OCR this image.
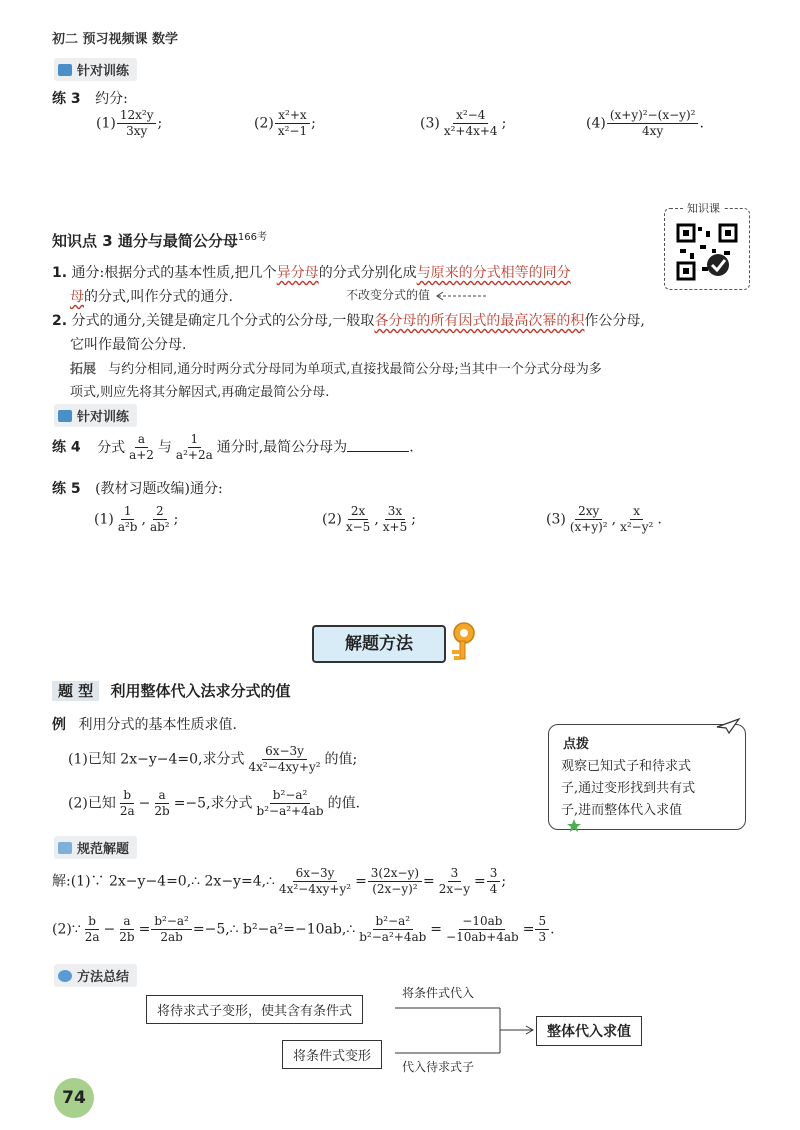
初二 预习视频课 数学
针对训练
练 3 约分:
$(1) \frac{\text{12x²y}}{3xy}$ ;	$(2) \frac{\text{x²+x}}{\text{x²−1}}$ ;	$(3) \frac{\text{x²−4}}{\text{x²+4x+4}}$ ;	$(4) \frac{\text{(x+y)²−(x−y)²}}{4xy}$ .
知识点 3 通分与最简公分母$^{166考}$
知识课
1. 通分:根据分式的基本性质,把几个异分母的分式分别化成与原来的分式相等的同分
母的分式,叫作分式的通分.	不改变分式的值
2. 分式的通分,关键是确定几个分式的公分母,一般取各分母的所有因式的最高次幂的积作公分母,
它叫作最简公分母.
拓展 与约分相同,通分时两分式分母同为单项式,直接找最简公分母;当其中一个分式分母为多
项式,则应先将其分解因式,再确定最简公分母.
针对训练
练 4 分式 $\frac{a}{a+2}$ 与 $\frac{1}{\text{a²+2a}}$ 通分时,最简公分母为	.
练 5 (教材习题改编)通分:
$(1) \frac{1}{\text{a²b}}$ , $\frac{2}{\text{ab²}}$ ;	$(2) \frac{2x}{x-5}$ , $\frac{3x}{x+5}$ ;	$(3) \frac{2xy}{\text{(x+y)²}}$ , $\frac{x}{\text{x²−y²}}$ .
解题方法
题 型 利用整体代入法求分式的值
例 利用分式的基本性质求值.
(1)已知 2x−y−4=0,求分式 $\frac{6x-3y}{\text{4x²−4xy+y²}}$ 的值;
(2)已知 $\frac{b}{2a} - \frac{a}{2b} =-5$,求分式 $\frac{\text{b²−a²}}{\text{b²−a²+4ab}}$ 的值.
点拨
观察已知式子和待求式
子,通过变形找到共有式
子,进而整体代入求值
规范解题
解:(1)∵ 2x−y−4=0,∴ 2x−y=4,∴ $\frac{6x-3y}{\text{4x²−4xy+y²}} = \frac{3(2x-y)}{\text{(2x−y)²}} = \frac{3}{2x-y} = \frac{3}{4}$ ;
(2)∵ $\frac{b}{2a} - \frac{a}{2b} = \frac{\text{b²−a²}}{2ab}$ =−5,∴ b²−a²=−10ab,∴ $\frac{\text{b²−a²}}{\text{b²−a²+4ab}} = \frac{-10ab}{-10ab+4ab} = \frac{5}{3}$ .
方法总结
将待求式子变形，使其含有条件式
将条件式代入
将条件式变形
代入待求式子
整体代入求值
74
